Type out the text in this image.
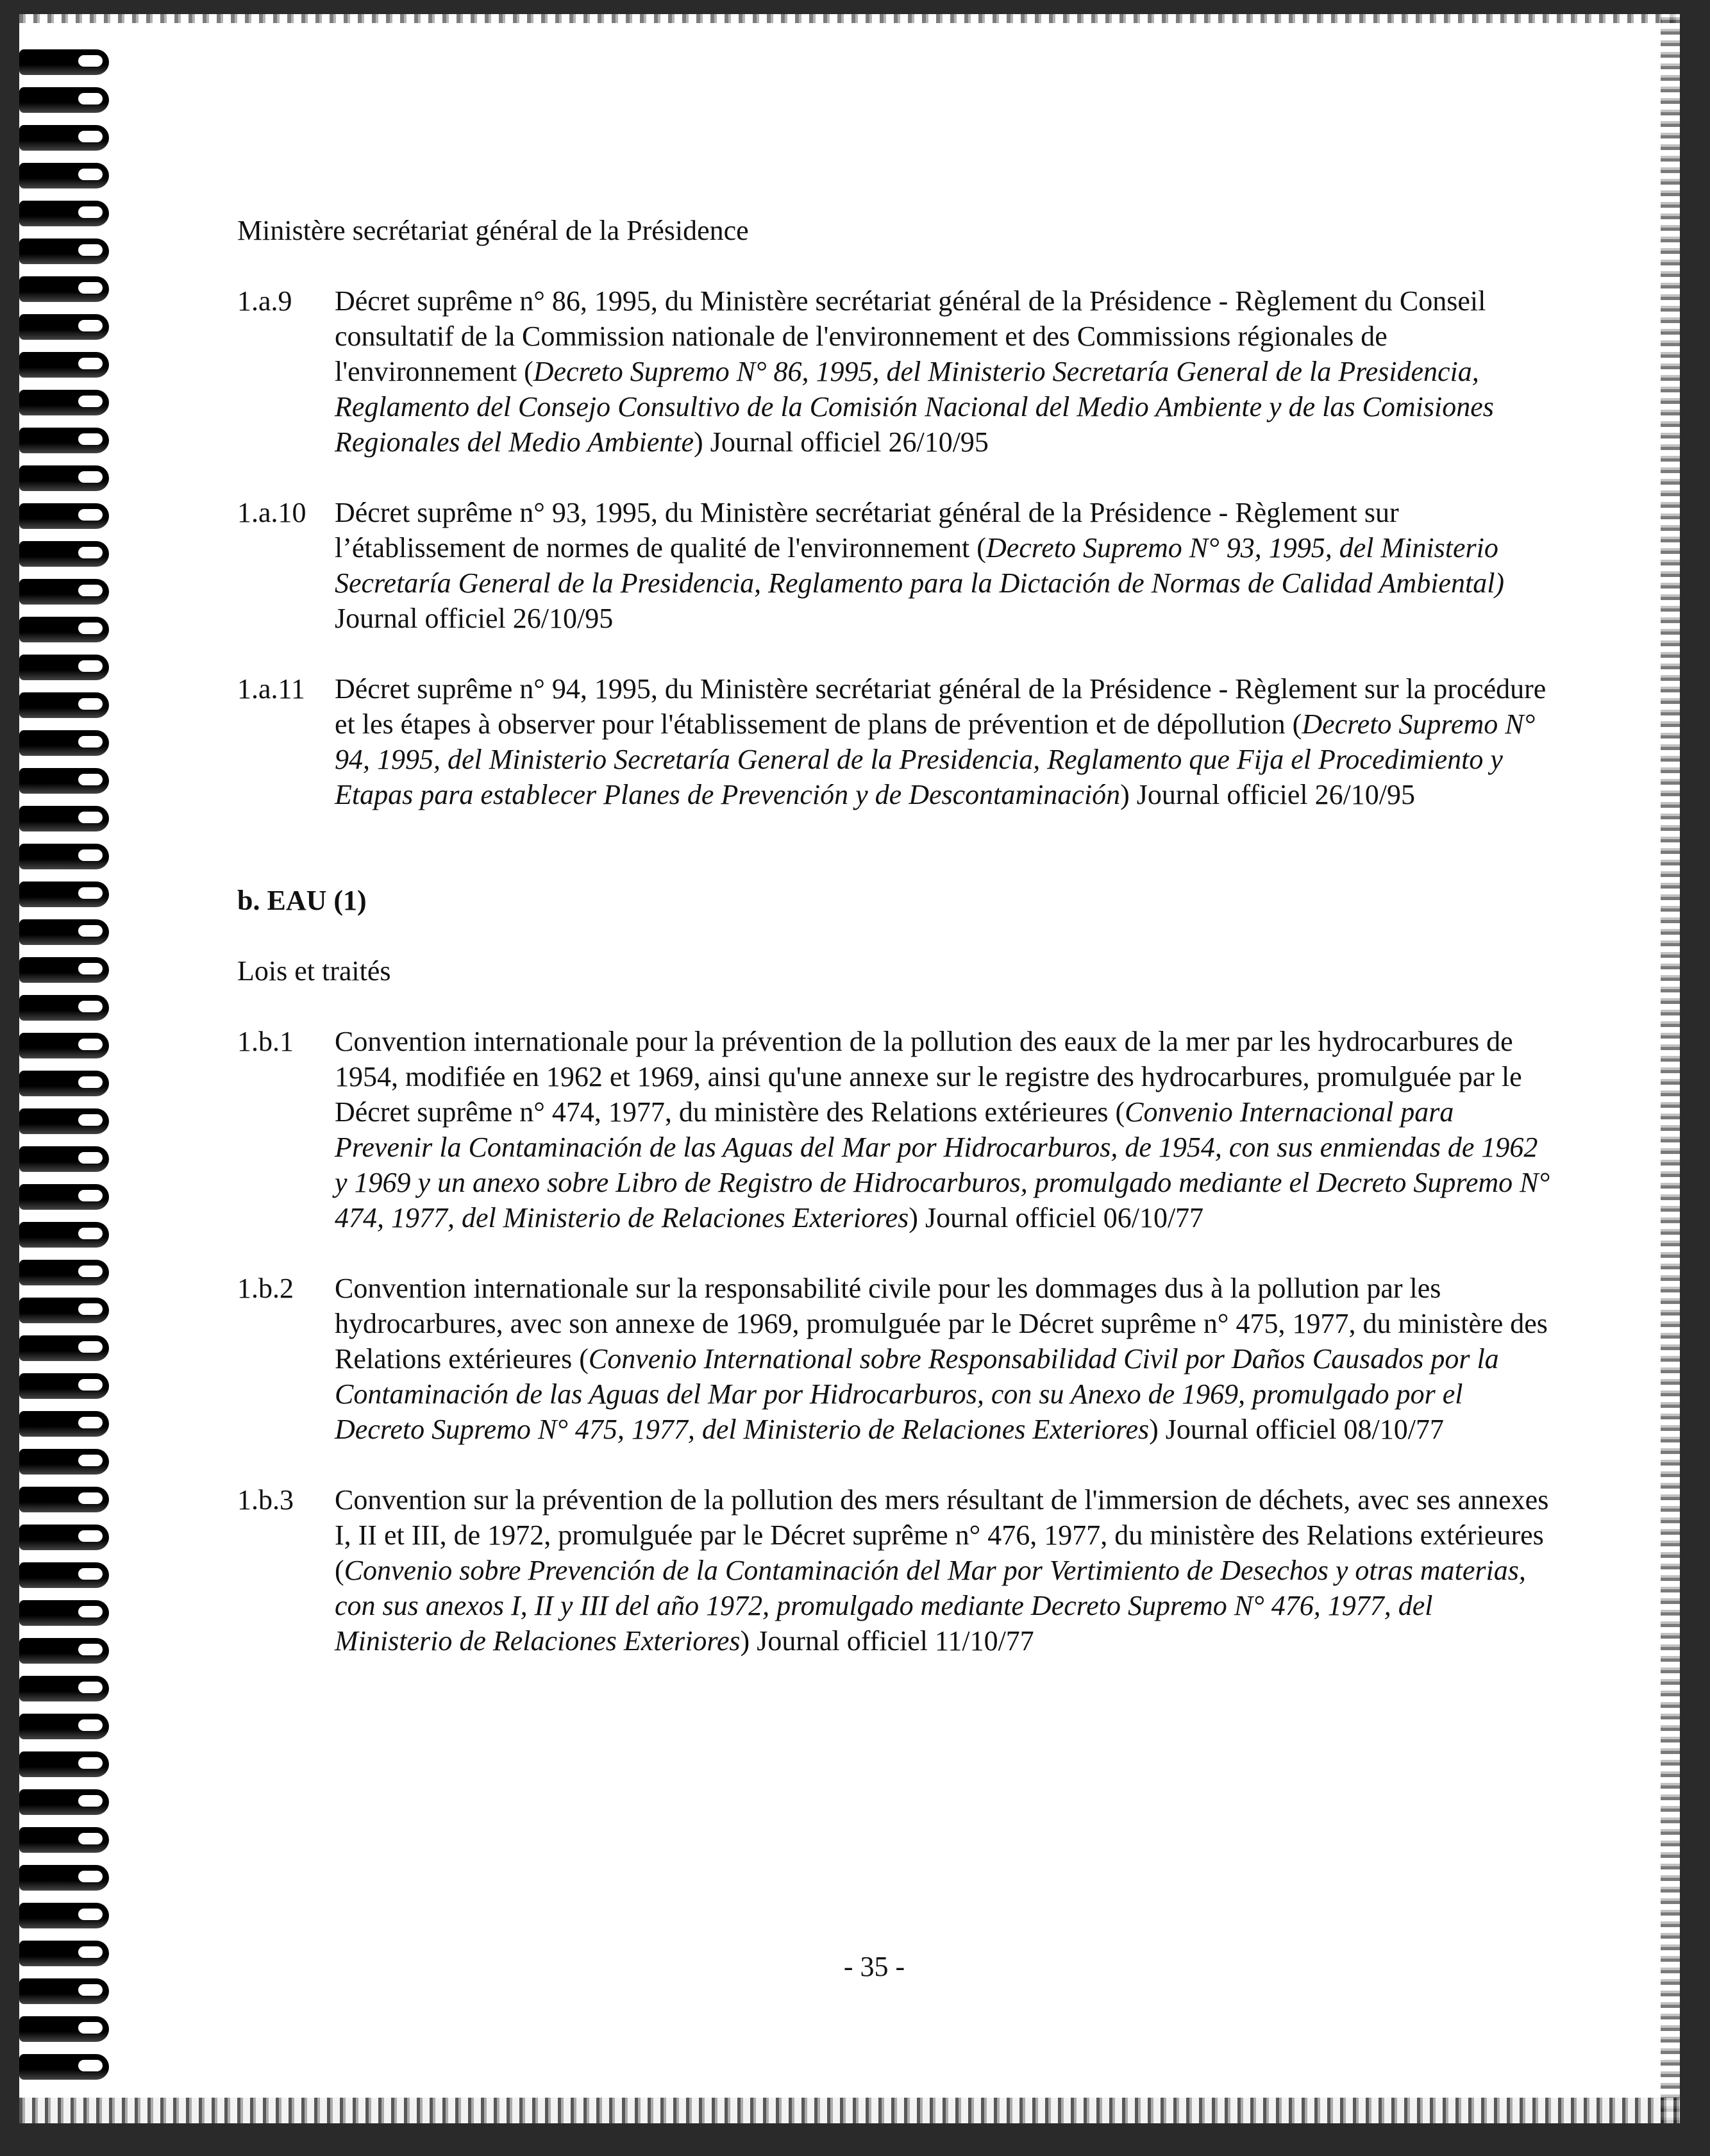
Ministère secrétariat général de la Présidence
1.a.9	Décret suprême n° 86, 1995, du Ministère secrétariat général de la Présidence - Règlement du Conseil consultatif de la Commission nationale de l'environnement et des Commissions régionales de l'environnement (Decreto Supremo N° 86, 1995, del Ministerio Secretaría General de la Presidencia, Reglamento del Consejo Consultivo de la Comisión Nacional del Medio Ambiente y de las Comisiones Regionales del Medio Ambiente) Journal officiel 26/10/95
1.a.10	Décret suprême n° 93, 1995, du Ministère secrétariat général de la Présidence - Règlement sur l’établissement de normes de qualité de l'environnement (Decreto Supremo N° 93, 1995, del Ministerio Secretaría General de la Presidencia, Reglamento para la Dictación de Normas de Calidad Ambiental) Journal officiel 26/10/95
1.a.11	Décret suprême n° 94, 1995, du Ministère secrétariat général de la Présidence - Règlement sur la procédure et les étapes à observer pour l'établissement de plans de prévention et de dépollution (Decreto Supremo N° 94, 1995, del Ministerio Secretaría General de la Presidencia, Reglamento que Fija el Procedimiento y Etapas para establecer Planes de Prevención y de Descontaminación) Journal officiel 26/10/95
b. EAU (1)
Lois et traités
1.b.1	Convention internationale pour la prévention de la pollution des eaux de la mer par les hydrocarbures de 1954, modifiée en 1962 et 1969, ainsi qu'une annexe sur le registre des hydrocarbures, promulguée par le Décret suprême n° 474, 1977, du ministère des Relations extérieures (Convenio Internacional para Prevenir la Contaminación de las Aguas del Mar por Hidrocarburos, de 1954, con sus enmiendas de 1962 y 1969 y un anexo sobre Libro de Registro de Hidrocarburos, promulgado mediante el Decreto Supremo N° 474, 1977, del Ministerio de Relaciones Exteriores) Journal officiel 06/10/77
1.b.2	Convention internationale sur la responsabilité civile pour les dommages dus à la pollution par les hydrocarbures, avec son annexe de 1969, promulguée par le Décret suprême n° 475, 1977, du ministère des Relations extérieures (Convenio International sobre Responsabilidad Civil por Daños Causados por la Contaminación de las Aguas del Mar por Hidrocarburos, con su Anexo de 1969, promulgado por el Decreto Supremo N° 475, 1977, del Ministerio de Relaciones Exteriores) Journal officiel 08/10/77
1.b.3	Convention sur la prévention de la pollution des mers résultant de l'immersion de déchets, avec ses annexes I, II et III, de 1972, promulguée par le Décret suprême n° 476, 1977, du ministère des Relations extérieures (Convenio sobre Prevención de la Contaminación del Mar por Vertimiento de Desechos y otras materias, con sus anexos I, II y III del año 1972, promulgado mediante Decreto Supremo N° 476, 1977, del Ministerio de Relaciones Exteriores) Journal officiel 11/10/77
- 35 -
